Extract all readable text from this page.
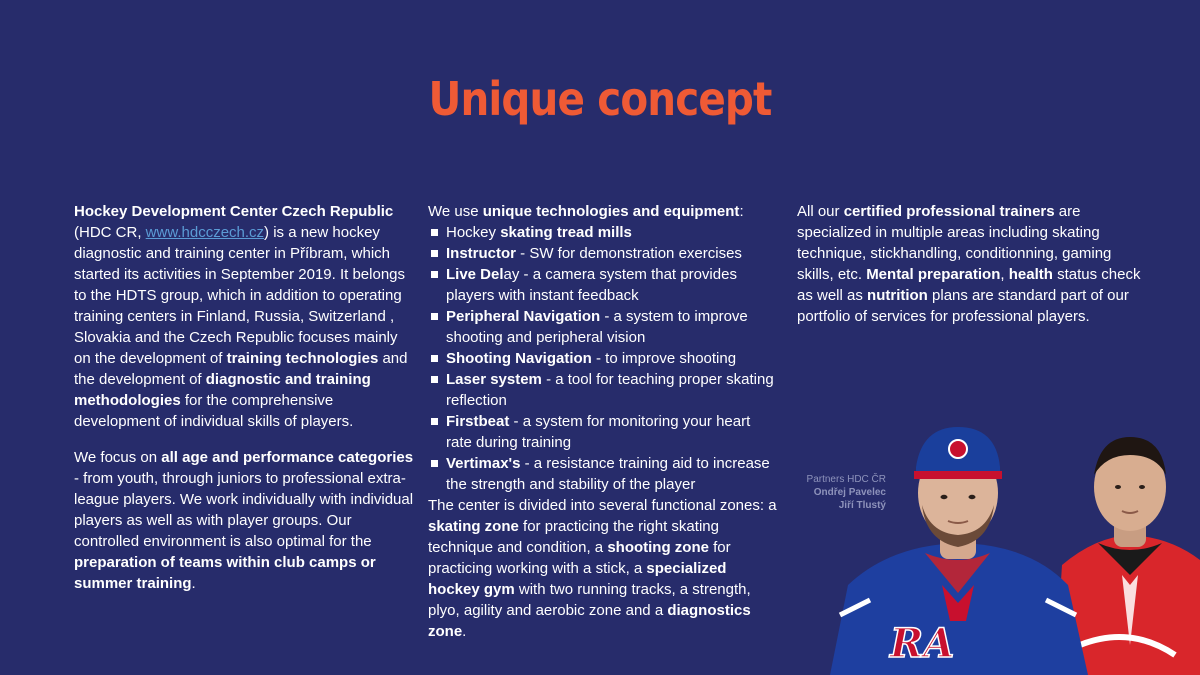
Unique concept

Hockey Development Center Czech Republic
(HDC CR, www.hdcczech.cz) is a new hockey diagnostic and training center in Příbram, which started its activities in September 2019. It belongs to the HDTS group, which in addition to operating training centers in Finland, Russia, Switzerland , Slovakia and the Czech Republic focuses mainly on the development of training technologies and the development of diagnostic and training methodologies for the comprehensive development of individual skills of players.

We focus on all age and performance categories - from youth, through juniors to professional extra-league players. We work individually with individual players as well as with player groups. Our controlled environment is also optimal for the preparation of teams within club camps or summer training.

We use unique technologies and equipment:

Hockey skating tread mills
Instructor - SW for demonstration exercises
Live Delay - a camera system that provides players with instant feedback
Peripheral Navigation - a system to improve shooting and peripheral vision
Shooting Navigation - to improve shooting
Laser system - a tool for teaching proper skating reflection
Firstbeat - a system for monitoring your heart rate during training
Vertimax's - a resistance training aid to increase the strength and stability of the player

The center is divided into several functional zones: a skating zone for practicing the right skating technique and condition, a shooting zone for practicing working with a stick, a specialized hockey gym with two running tracks, a strength, plyo, agility and aerobic zone and a diagnostics zone.

All our certified professional trainers are specialized in multiple areas including skating technique, stickhandling, conditionning, gaming skills, etc. Mental preparation, health status check as well as nutrition plans are standard part of our portfolio of services for professional players.

Partners HDC ČR
Ondřej Pavelec
Jiří Tlustý
RA
